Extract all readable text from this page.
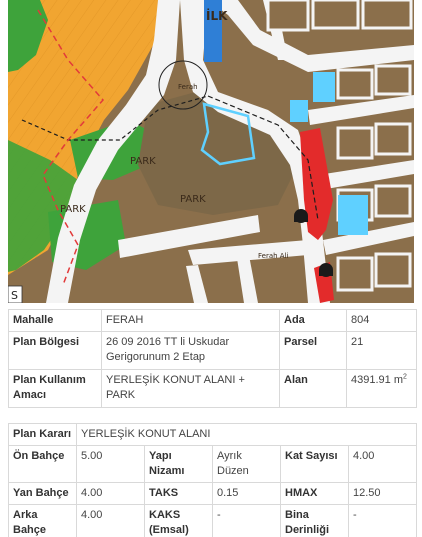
İLK
PARK
PARK
PARK
Ferah
Ferah Ali
S
Mahalle	FERAH	Ada	804
Plan Bölgesi	26 09 2016 TT li Uskudar Gerigorunum 2 Etap	Parsel	21
Plan Kullanım Amacı	YERLEŞİK KONUT ALANI + PARK	Alan	4391.91 $m^2$
Plan Kararı	YERLEŞİK KONUT ALANI				
Ön Bahçe	5.00	Yapı Nizamı	Ayrık Düzen	Kat Sayısı	4.00
Yan Bahçe	4.00	TAKS	0.15	HMAX	12.50
Arka Bahçe	4.00	KAKS (Emsal)	-	Bina Derinliği	-
